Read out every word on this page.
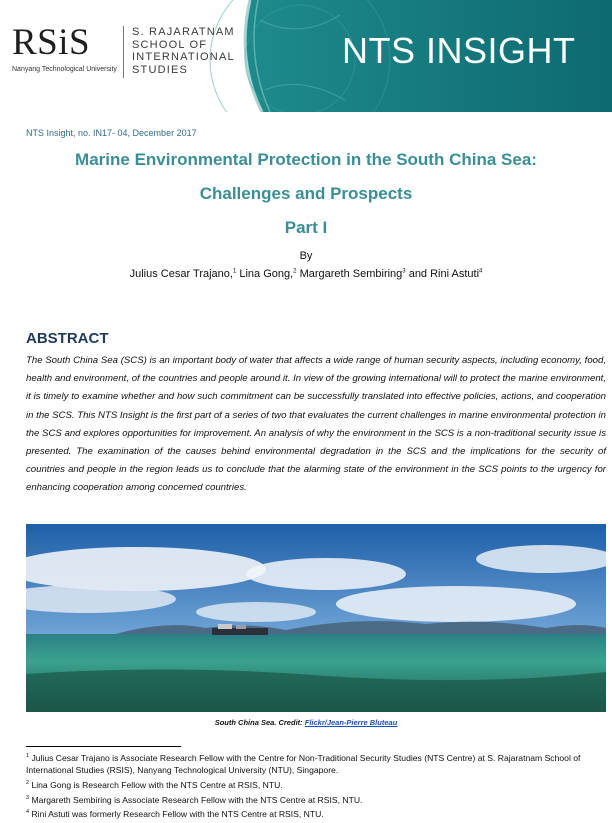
RSiS
Nanyang Technological University
S. RAJARATNAM
SCHOOL OF
INTERNATIONAL
STUDIES	NTS INSIGHT
NTS Insight, no. IN17- 04, December 2017
Marine Environmental Protection in the South China Sea:
Challenges and Prospects
Part I
By
Julius Cesar Trajano,$^1$ Lina Gong,$^2$ Margareth Sembiring$^3$ and Rini Astuti$^4$
ABSTRACT
The South China Sea (SCS) is an important body of water that affects a wide range of human security aspects, including economy, food, health and environment, of the countries and people around it. In view of the growing international will to protect the marine environment, it is timely to examine whether and how such commitment can be successfully translated into effective policies, actions, and cooperation in the SCS. This NTS Insight is the first part of a series of two that evaluates the current challenges in marine environmental protection in the SCS and explores opportunities for improvement. An analysis of why the environment in the SCS is a non-traditional security issue is presented. The examination of the causes behind environmental degradation in the SCS and the implications for the security of countries and people in the region leads us to conclude that the alarming state of the environment in the SCS points to the urgency for enhancing cooperation among concerned countries.
South China Sea. Credit: Flickr/Jean-Pierre Bluteau

$^1$ Julius Cesar Trajano is Associate Research Fellow with the Centre for Non-Traditional Security Studies (NTS Centre) at S. Rajaratnam School of International Studies (RSIS), Nanyang Technological University (NTU), Singapore.

$^2$ Lina Gong is Research Fellow with the NTS Centre at RSIS, NTU.

$^3$ Margareth Sembiring is Associate Research Fellow with the NTS Centre at RSIS, NTU.

$^4$ Rini Astuti was formerly Research Fellow with the NTS Centre at RSIS, NTU.
